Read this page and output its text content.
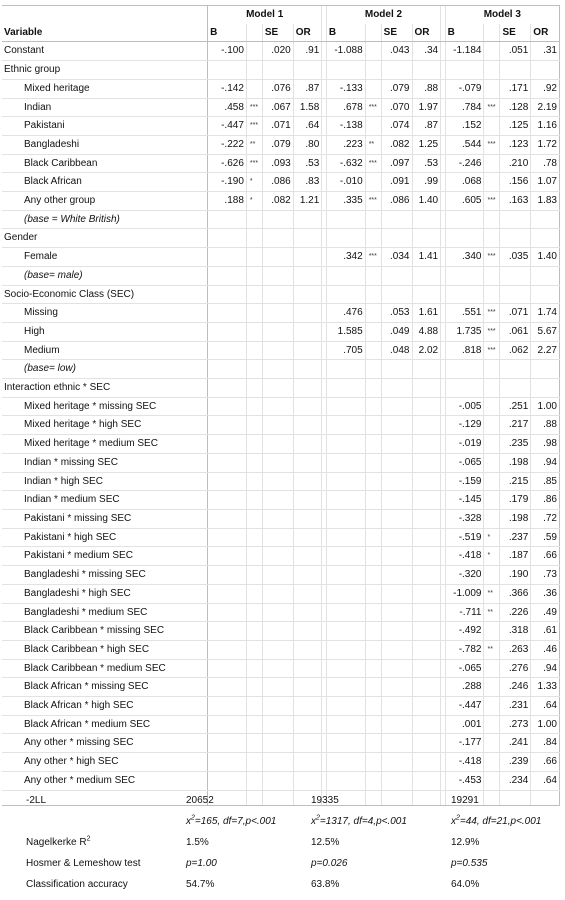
	Model 1					Model 2					Model 3			
Variable	B		SE	OR		B		SE	OR		B		SE	OR
Constant	-.100		.020	.91		-1.088		.043	.34		-1.184		.051	.31
Ethnic group														
Mixed heritage	-.142		.076	.87		-.133		.079	.88		-.079		.171	.92
Indian	.458	***	.067	1.58		.678	***	.070	1.97		.784	***	.128	2.19
Pakistani	-.447	***	.071	.64		-.138		.074	.87		.152		.125	1.16
Bangladeshi	-.222	**	.079	.80		.223	**	.082	1.25		.544	***	.123	1.72
Black Caribbean	-.626	***	.093	.53		-.632	***	.097	.53		-.246		.210	.78
Black African	-.190	*	.086	.83		-.010		.091	.99		.068		.156	1.07
Any other group	.188	*	.082	1.21		.335	***	.086	1.40		.605	***	.163	1.83
(base = White British)														
Gender														
Female						.342	***	.034	1.41		.340	***	.035	1.40
(base= male)														
Socio-Economic Class (SEC)														
Missing						.476		.053	1.61		.551	***	.071	1.74
High						1.585		.049	4.88		1.735	***	.061	5.67
Medium						.705		.048	2.02		.818	***	.062	2.27
(base= low)														
Interaction ethnic * SEC														
Mixed heritage * missing SEC											-.005		.251	1.00
Mixed heritage * high SEC											-.129		.217	.88
Mixed heritage * medium SEC											-.019		.235	.98
Indian * missing SEC											-.065		.198	.94
Indian * high SEC											-.159		.215	.85
Indian * medium SEC											-.145		.179	.86
Pakistani * missing SEC											-.328		.198	.72
Pakistani * high SEC											-.519	*	.237	.59
Pakistani * medium SEC											-.418	*	.187	.66
Bangladeshi * missing SEC											-.320		.190	.73
Bangladeshi * high SEC											-1.009	**	.366	.36
Bangladeshi * medium SEC											-.711	**	.226	.49
Black Caribbean * missing SEC											-.492		.318	.61
Black Caribbean * high SEC											-.782	**	.263	.46
Black Caribbean * medium SEC											-.065		.276	.94
Black African * missing SEC											.288		.246	1.33
Black African * high SEC											-.447		.231	.64
Black African * medium SEC											.001		.273	1.00
Any other * missing SEC											-.177		.241	.84
Any other * high SEC											-.418		.239	.66
Any other * medium SEC											-.453		.234	.64

-2LL	20652	19335	19291
	$x^2=165$, df=7,p<.001	$x^2=1317$, df=4,p<.001	$x^2=44$, df=21,p<.001
Nagelkerke $R^2$	1.5%	12.5%	12.9%
Hosmer & Lemeshow test	p=1.00	p=0.026	p=0.535
Classification accuracy	54.7%	63.8%	64.0%
